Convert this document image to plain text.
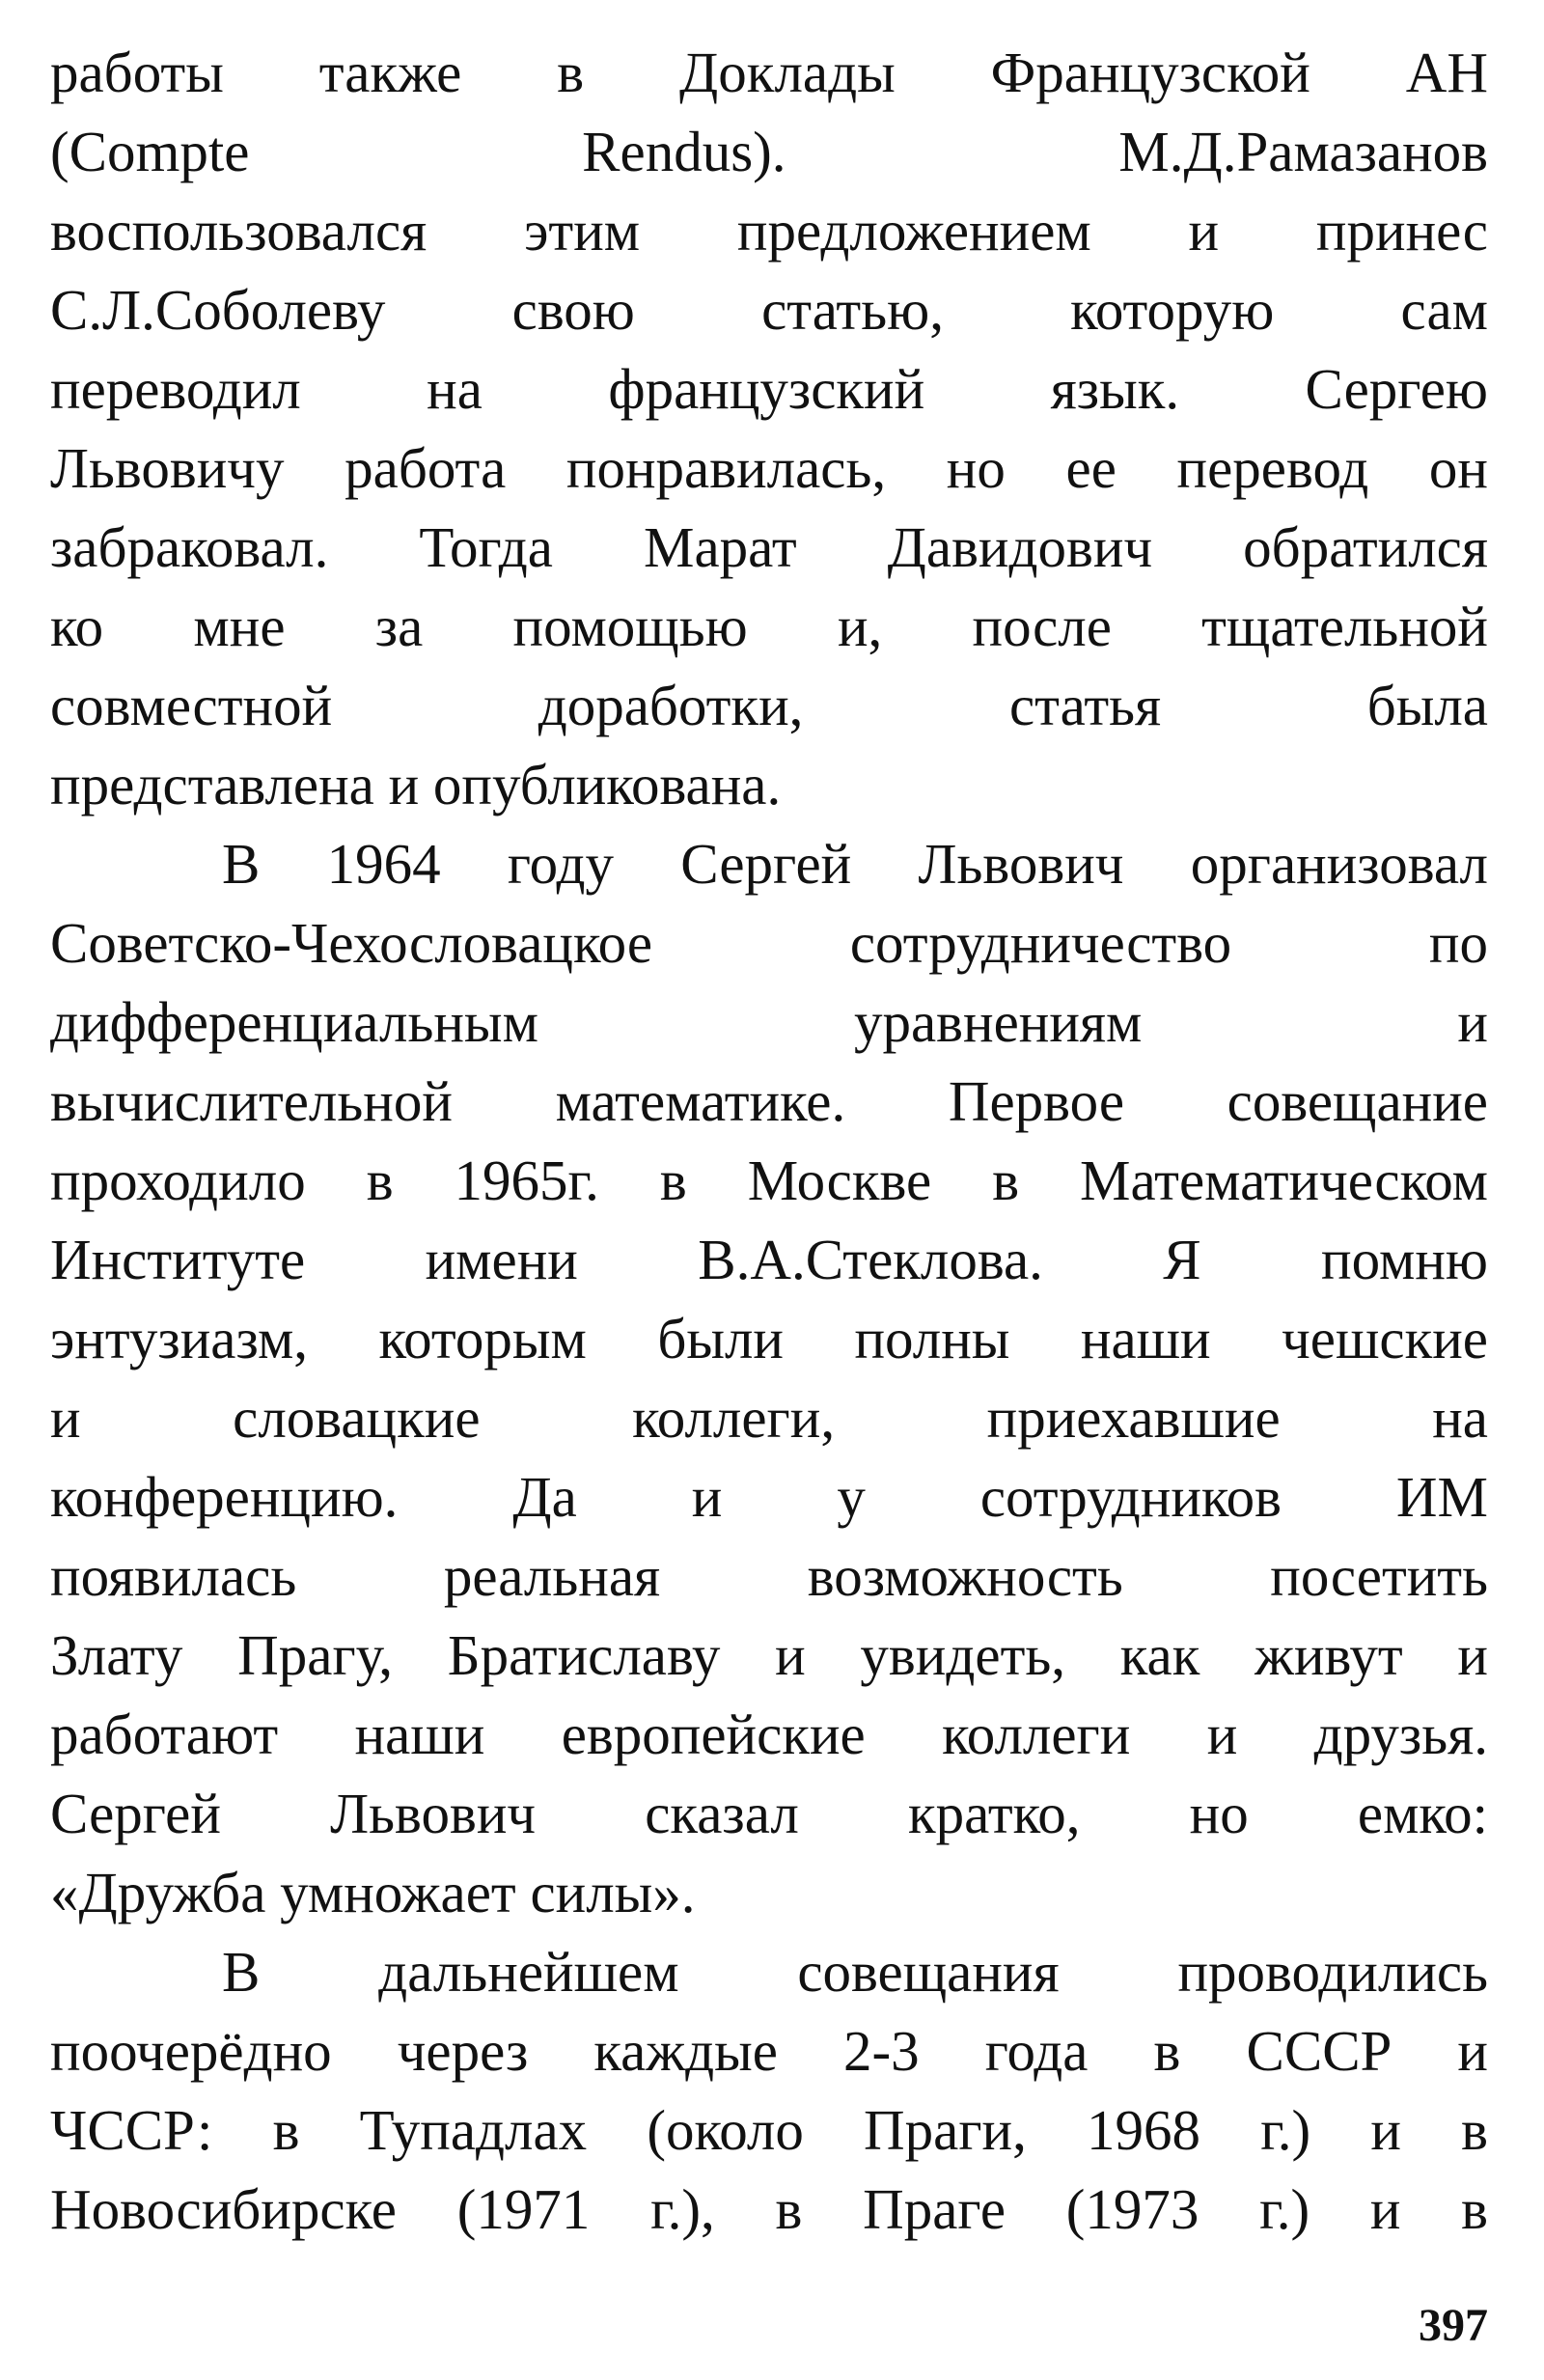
работы также в Доклады Французской АН
(Compte Rendus). М.Д.Рамазанов
воспользовался этим предложением и принес
С.Л.Соболеву свою статью, которую сам
переводил на французский язык. Сергею
Львовичу работа понравилась, но ее перевод он
забраковал. Тогда Марат Давидович обратился
ко мне за помощью и, после тщательной
совместной доработки, статья была
представлена и опубликована.
В 1964 году Сергей Львович организовал
Советско-Чехословацкое сотрудничество по
дифференциальным уравнениям и
вычислительной математике. Первое совещание
проходило в 1965г. в Москве в Математическом
Институте имени В.А.Стеклова. Я помню
энтузиазм, которым были полны наши чешские
и словацкие коллеги, приехавшие на
конференцию. Да и у сотрудников ИМ
появилась реальная возможность посетить
Злату Прагу, Братиславу и увидеть, как живут и
работают наши европейские коллеги и друзья.
Сергей Львович сказал кратко, но емко:
«Дружба умножает силы».
В дальнейшем совещания проводились
поочерёдно через каждые 2-3 года в СССР и
ЧССР: в Тупадлах (около Праги, 1968 г.) и в
Новосибирске (1971 г.), в Праге (1973 г.) и в
397
